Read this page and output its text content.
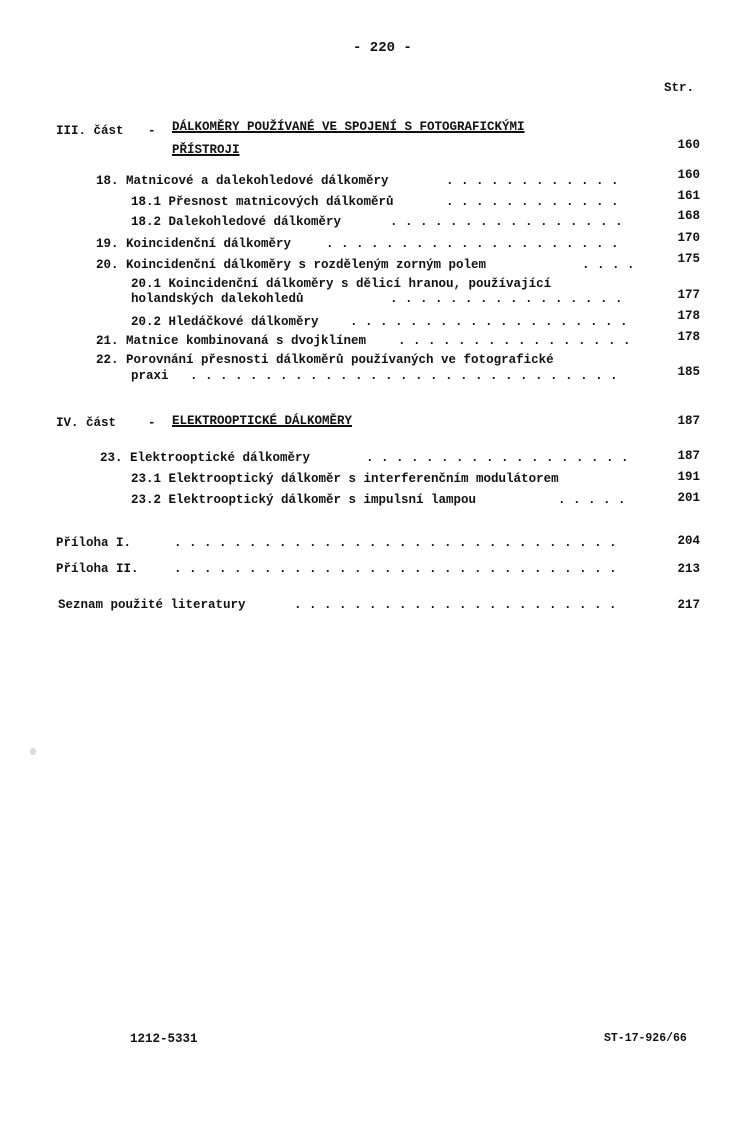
- 220 -
Str.
III. část - DÁLKOMĚRY POUŽÍVANÉ VE SPOJENÍ S FOTOGRAFICKÝMI
PŘÍSTROJI	160
18. Matnicové a dalekohledové dálkoměry	. . . . . . . . . . . .	160
18.1 Přesnost matnicových dálkoměrů	. . . . . . . . . . . .	161
18.2 Dalekohledové dálkoměry	. . . . . . . . . . . . . . . .	168
19. Koincidenční dálkoměry	. . . . . . . . . . . . . . . . . . . .	170
20. Koincidenční dálkoměry s rozděleným zorným polem	. . . .	175
20.1 Koincidenční dálkoměry s dělicí hranou, používající
holandských dalekohledů	. . . . . . . . . . . . . . . .	177
20.2 Hledáčkové dálkoměry	. . . . . . . . . . . . . . . . . . .	178
21. Matnice kombinovaná s dvojklínem	. . . . . . . . . . . . . . . .	178
22. Porovnání přesnosti dálkoměrů používaných ve fotografické
praxi . . . . . . . . . . . . . . . . . . . . . . . . . . . . .	185
IV. část	- ELEKTROOPTICKÉ DÁLKOMĚRY	187
23. Elektrooptické dálkoměry	. . . . . . . . . . . . . . . . . .	187
23.1 Elektrooptický dálkoměr s interferenčním modulátorem	191
23.2 Elektrooptický dálkoměr s impulsní lampou	. . . . .	201
Příloha I.	. . . . . . . . . . . . . . . . . . . . . . . . . . . . . .	204
Příloha II.	. . . . . . . . . . . . . . . . . . . . . . . . . . . . . .	213
Seznam použité literatury	. . . . . . . . . . . . . . . . . . . . . .	217
1212-5331	ST-17-926/66
